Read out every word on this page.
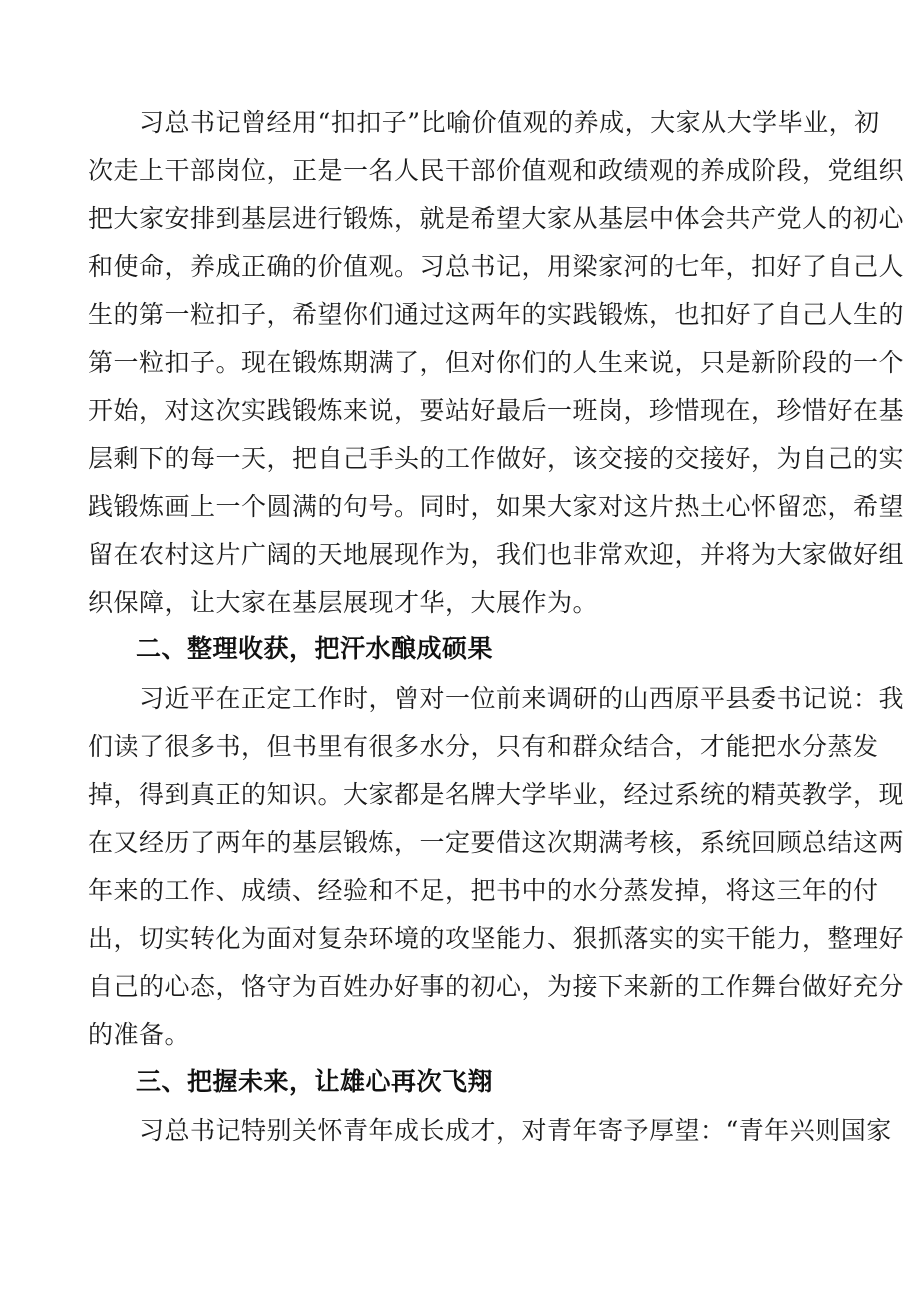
　　习总书记曾经用“扣扣子”比喻价值观的养成，大家从大学毕业，初
次走上干部岗位，正是一名人民干部价值观和政绩观的养成阶段，党组织
把大家安排到基层进行锻炼，就是希望大家从基层中体会共产党人的初心
和使命，养成正确的价值观。习总书记，用梁家河的七年，扣好了自己人
生的第一粒扣子，希望你们通过这两年的实践锻炼，也扣好了自己人生的
第一粒扣子。现在锻炼期满了，但对你们的人生来说，只是新阶段的一个
开始，对这次实践锻炼来说，要站好最后一班岗，珍惜现在，珍惜好在基
层剩下的每一天，把自己手头的工作做好，该交接的交接好，为自己的实
践锻炼画上一个圆满的句号。同时，如果大家对这片热土心怀留恋，希望
留在农村这片广阔的天地展现作为，我们也非常欢迎，并将为大家做好组
织保障，让大家在基层展现才华，大展作为。
二、整理收获，把汗水酿成硕果
　　习近平在正定工作时，曾对一位前来调研的山西原平县委书记说：我
们读了很多书，但书里有很多水分，只有和群众结合，才能把水分蒸发
掉，得到真正的知识。大家都是名牌大学毕业，经过系统的精英教学，现
在又经历了两年的基层锻炼，一定要借这次期满考核，系统回顾总结这两
年来的工作、成绩、经验和不足，把书中的水分蒸发掉，将这三年的付
出，切实转化为面对复杂环境的攻坚能力、狠抓落实的实干能力，整理好
自己的心态，恪守为百姓办好事的初心，为接下来新的工作舞台做好充分
的准备。
三、把握未来，让雄心再次飞翔
　　习总书记特别关怀青年成长成才，对青年寄予厚望：“青年兴则国家
